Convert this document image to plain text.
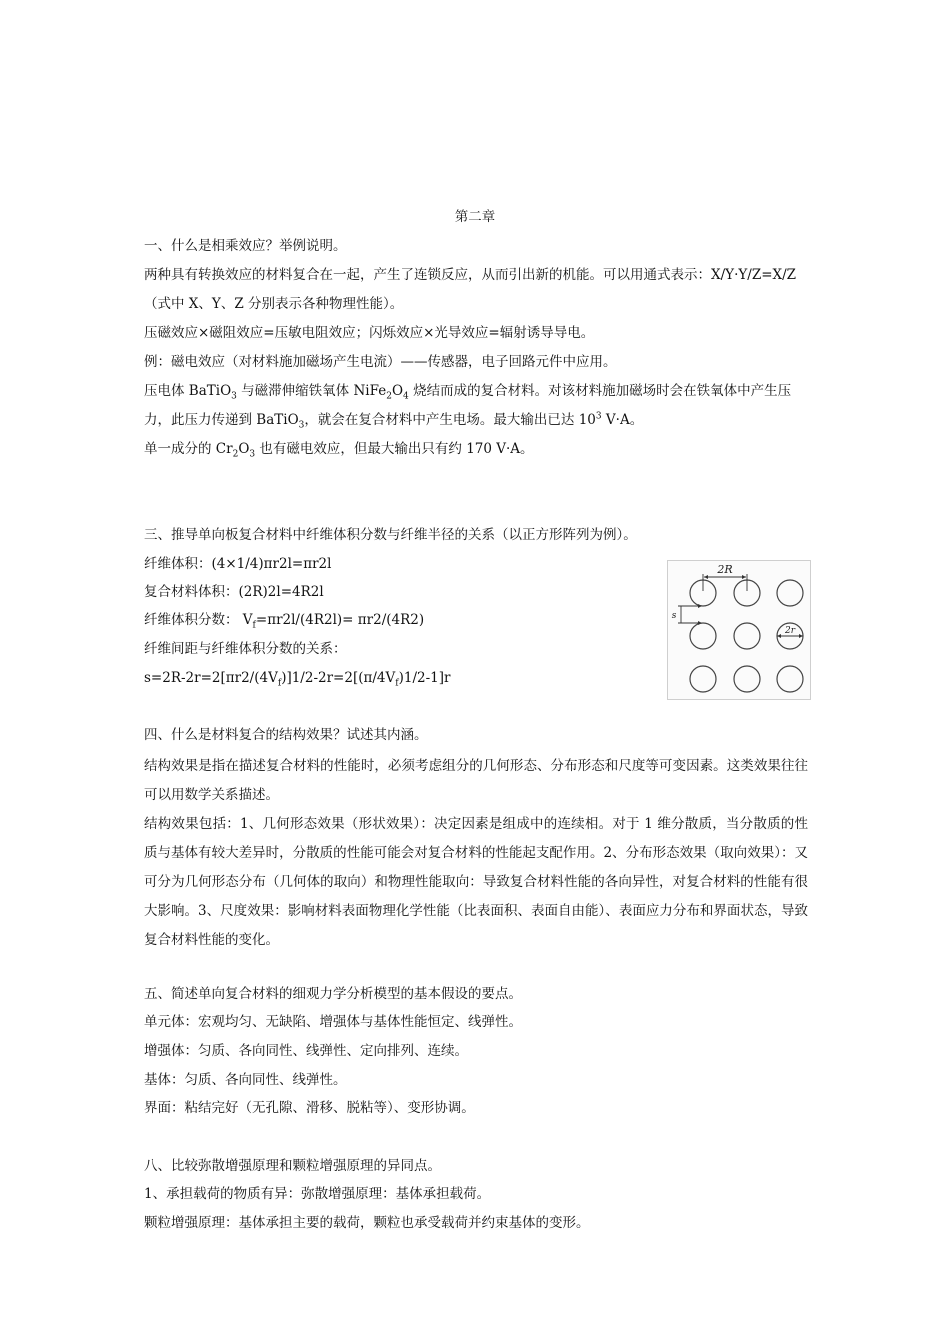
第二章
一、什么是相乘效应？举例说明。
两种具有转换效应的材料复合在一起，产生了连锁反应，从而引出新的机能。可以用通式表示：X/Y·Y/Z=X/Z
（式中 X、Y、Z 分别表示各种物理性能）。
压磁效应×磁阻效应=压敏电阻效应；闪烁效应×光导效应=辐射诱导导电。
例：磁电效应（对材料施加磁场产生电流）——传感器，电子回路元件中应用。
压电体 BaTiO$_3$ 与磁滞伸缩铁氧体 $NiFe_2O_4$ 烧结而成的复合材料。对该材料施加磁场时会在铁氧体中产生压
力，此压力传递到 BaTiO$_3$，就会在复合材料中产生电场。最大输出已达 $10^3$ V·A。
单一成分的 $Cr_2O_3$ 也有磁电效应，但最大输出只有约 170 V·A。
三、推导单向板复合材料中纤维体积分数与纤维半径的关系（以正方形阵列为例）。
纤维体积：(4×1/4)πr2l=πr2l
复合材料体积：(2R)2l=4R2l
纤维体积分数： $V_f=\pi r2l/(4R2l)= \pi r2/(4R2)$
纤维间距与纤维体积分数的关系：
$s=2R-2r=2[\pi r2/(4V_f)]1/2-2r=2[(\pi/4V_f)1/2-1]r$
2R
s
2r
四、什么是材料复合的结构效果？试述其内涵。
结构效果是指在描述复合材料的性能时，必须考虑组分的几何形态、分布形态和尺度等可变因素。这类效果往往可以用数学关系描述。
结构效果包括：1、几何形态效果（形状效果）：决定因素是组成中的连续相。对于 1 维分散质，当分散质的性质与基体有较大差异时，分散质的性能可能会对复合材料的性能起支配作用。2、分布形态效果（取向效果）：又可分为几何形态分布（几何体的取向）和物理性能取向：导致复合材料性能的各向异性，对复合材料的性能有很大影响。3、尺度效果：影响材料表面物理化学性能（比表面积、表面自由能）、表面应力分布和界面状态，导致复合材料性能的变化。
五、简述单向复合材料的细观力学分析模型的基本假设的要点。
单元体：宏观均匀、无缺陷、增强体与基体性能恒定、线弹性。
增强体：匀质、各向同性、线弹性、定向排列、连续。
基体：匀质、各向同性、线弹性。
界面：粘结完好（无孔隙、滑移、脱粘等）、变形协调。
八、比较弥散增强原理和颗粒增强原理的异同点。
1、承担载荷的物质有异：弥散增强原理：基体承担载荷。
颗粒增强原理：基体承担主要的载荷，颗粒也承受载荷并约束基体的变形。
